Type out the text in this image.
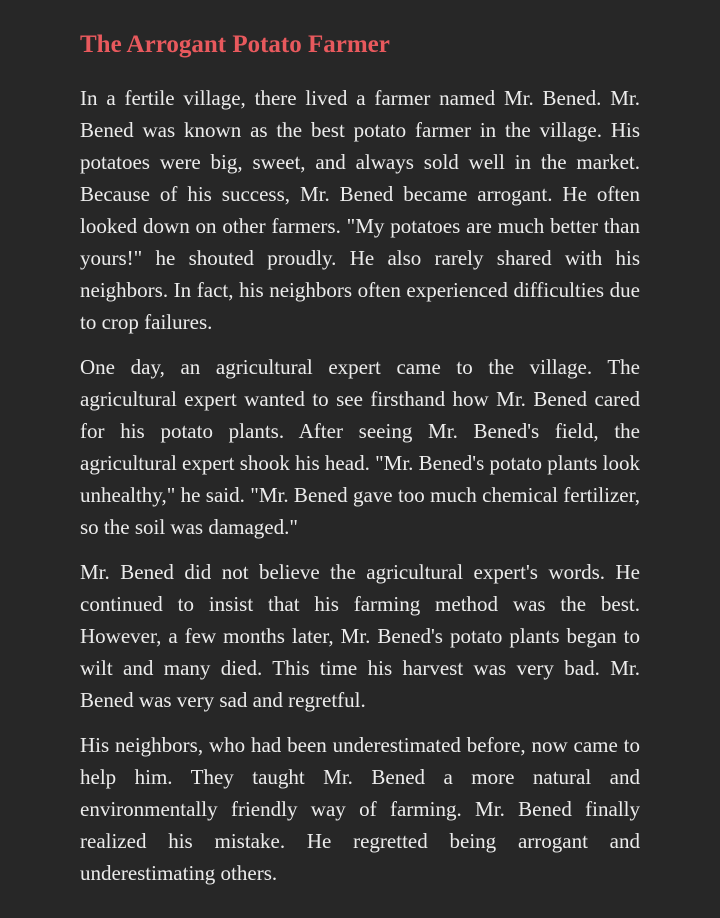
The Arrogant Potato Farmer

In a fertile village, there lived a farmer named Mr. Bened. Mr. Bened was known as the best potato farmer in the village. His potatoes were big, sweet, and always sold well in the market. Because of his success, Mr. Bened became arrogant. He often looked down on other farmers. "My potatoes are much better than yours!" he shouted proudly. He also rarely shared with his neighbors. In fact, his neighbors often experienced difficulties due to crop failures.

One day, an agricultural expert came to the village. The agricultural expert wanted to see firsthand how Mr. Bened cared for his potato plants. After seeing Mr. Bened's field, the agricultural expert shook his head. "Mr. Bened's potato plants look unhealthy," he said. "Mr. Bened gave too much chemical fertilizer, so the soil was damaged."

Mr. Bened did not believe the agricultural expert's words. He continued to insist that his farming method was the best. However, a few months later, Mr. Bened's potato plants began to wilt and many died. This time his harvest was very bad. Mr. Bened was very sad and regretful.

His neighbors, who had been underestimated before, now came to help him. They taught Mr. Bened a more natural and environmentally friendly way of farming. Mr. Bened finally realized his mistake. He regretted being arrogant and underestimating others.
